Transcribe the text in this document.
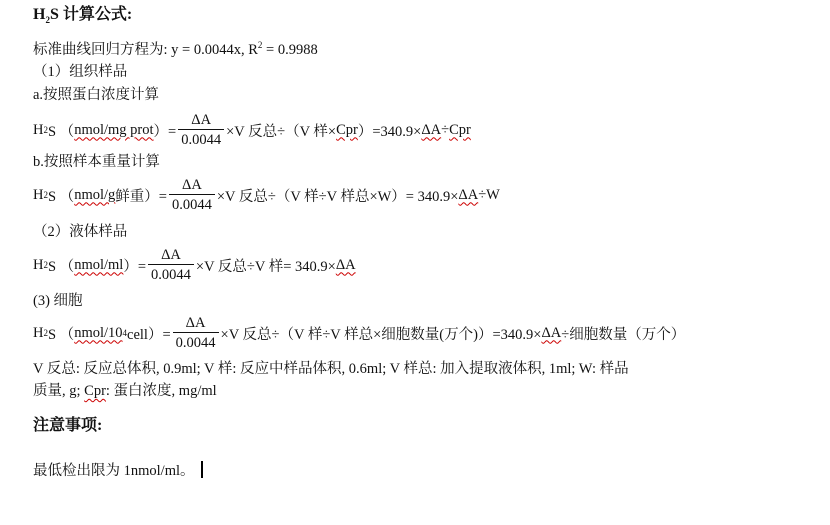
$H_2S$ 计算公式:
标准曲线回归方程为: y = 0.0044x, $R^2 = 0.9988$
（1）组织样品
a.按照蛋白浓度计算
H 2 S （ nmol/mg prot ）= $\frac{\Delta A}{0.0044} \times V$ 反总÷（V 样× Cpr ）=340.9× ΔA ÷ Cpr
b.按照样本重量计算
H 2 S （ nmol/g 鲜重）= $\frac{\Delta A}{0.0044} \times V$ 反总÷（V 样÷V 样总×W）= 340.9× ΔA ÷W
（2）液体样品
H 2 S （ nmol/ml ）= $\frac{\Delta A}{0.0044} \times V$ 反总÷V 样= 340.9× ΔA
(3) 细胞
H 2 S （ nmol/10 4 cell）= $\frac{\Delta A}{0.0044} \times V$ 反总÷（V 样÷V 样总×细胞数量(万个)）=340.9× ΔA ÷细胞数量（万个）
V 反总: 反应总体积, 0.9ml; V 样: 反应中样品体积, 0.6ml; V 样总: 加入提取液体积, 1ml; W: 样品
质量, g; Cpr: 蛋白浓度, mg/ml
注意事项:
最低检出限为 1nmol/ml。
